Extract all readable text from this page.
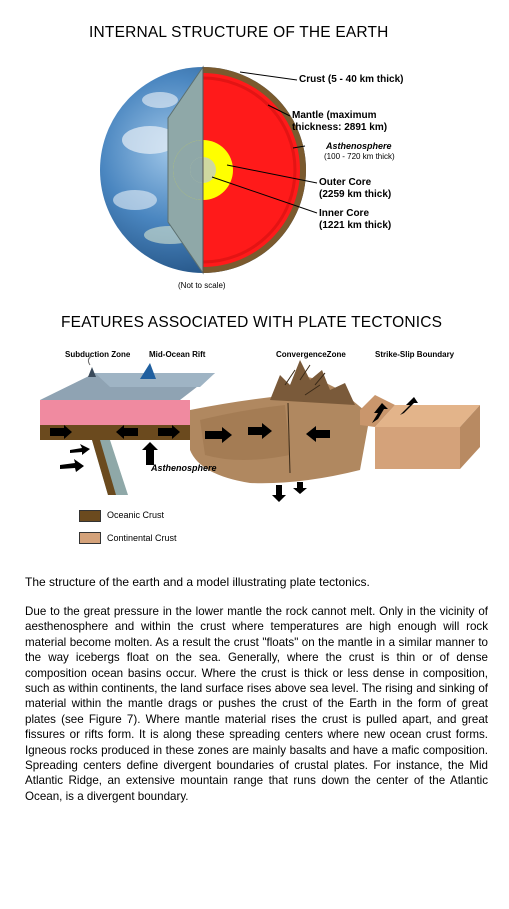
INTERNAL STRUCTURE OF THE EARTH
Crust (5 - 40 km thick)
Mantle (maximum
thickness: 2891 km)
Asthenosphere
(100 - 720 km thick)
Outer Core
(2259 km thick)
Inner Core
(1221 km thick)
(Not to scale)
FEATURES ASSOCIATED WITH PLATE TECTONICS
Subduction Zone Mid-Ocean Rift	ConvergenceZone	Strike-Slip Boundary
Asthenosphere
Oceanic Crust
Continental Crust
The structure of the earth and a model illustrating plate tectonics.
Due to the great pressure in the lower mantle the rock cannot melt. Only in the vicinity of aesthenosphere and within the crust where temperatures are high enough will rock material become molten. As a result the crust "floats" on the mantle in a similar manner to the way icebergs float on the sea. Generally, where the crust is thin or of dense composition ocean basins occur. Where the crust is thick or less dense in composition, such as within continents, the land surface rises above sea level. The rising and sinking of material within the mantle drags or pushes the crust of the Earth in the form of great plates (see Figure 7). Where mantle material rises the crust is pulled apart, and great fissures or rifts form. It is along these spreading centers where new ocean crust forms. Igneous rocks produced in these zones are mainly basalts and have a mafic composition. Spreading centers define divergent boundaries of crustal plates. For instance, the Mid Atlantic Ridge, an extensive mountain range that runs down the center of the Atlantic Ocean, is a divergent boundary.
